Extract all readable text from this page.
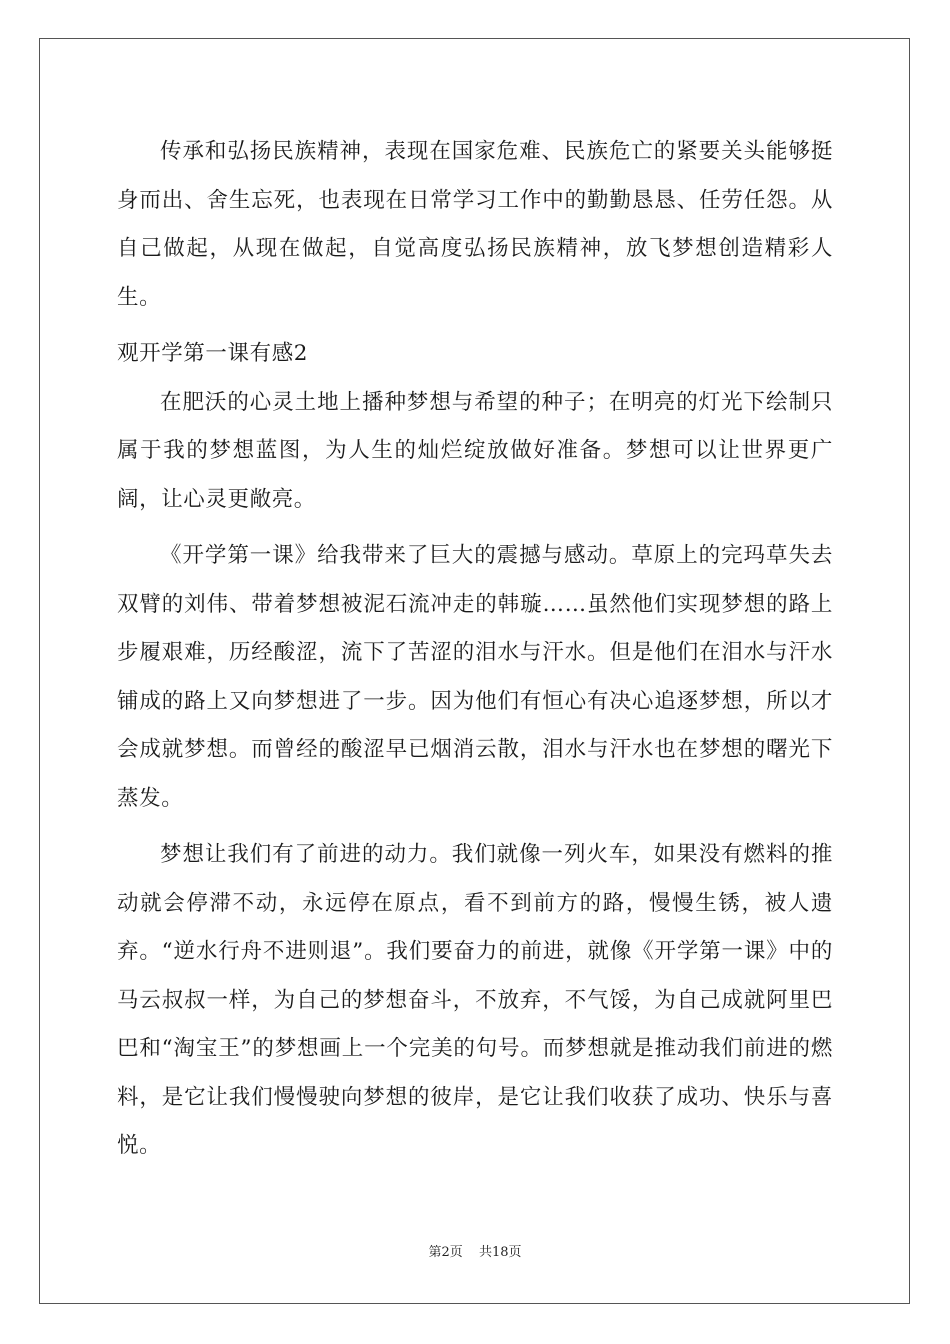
传承和弘扬民族精神，表现在国家危难、民族危亡的紧要关头能够挺身而出、舍生忘死，也表现在日常学习工作中的勤勤恳恳、任劳任怨。从自己做起，从现在做起，自觉高度弘扬民族精神，放飞梦想创造精彩人生。

观开学第一课有感2

在肥沃的心灵土地上播种梦想与希望的种子；在明亮的灯光下绘制只属于我的梦想蓝图，为人生的灿烂绽放做好准备。梦想可以让世界更广阔，让心灵更敞亮。

《开学第一课》给我带来了巨大的震撼与感动。草原上的完玛草失去双臂的刘伟、带着梦想被泥石流冲走的韩璇……虽然他们实现梦想的路上步履艰难，历经酸涩，流下了苦涩的泪水与汗水。但是他们在泪水与汗水铺成的路上又向梦想进了一步。因为他们有恒心有决心追逐梦想，所以才会成就梦想。而曾经的酸涩早已烟消云散，泪水与汗水也在梦想的曙光下蒸发。

梦想让我们有了前进的动力。我们就像一列火车，如果没有燃料的推动就会停滞不动，永远停在原点，看不到前方的路，慢慢生锈，被人遗弃。“逆水行舟不进则退”。我们要奋力的前进，就像《开学第一课》中的马云叔叔一样，为自己的梦想奋斗，不放弃，不气馁，为自己成就阿里巴巴和“淘宝王”的梦想画上一个完美的句号。而梦想就是推动我们前进的燃料，是它让我们慢慢驶向梦想的彼岸，是它让我们收获了成功、快乐与喜悦。

第2页 共18页
